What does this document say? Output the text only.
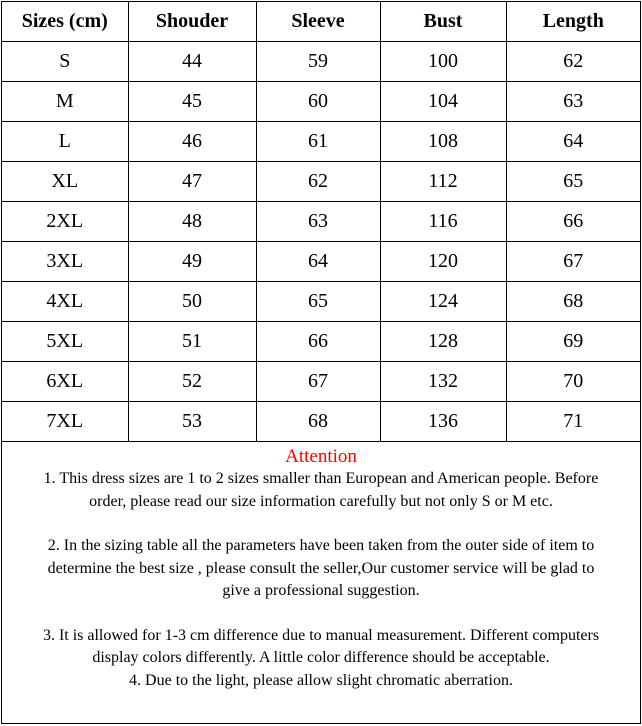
Sizes (cm)	Shouder	Sleeve	Bust	Length
S	44	59	100	62
M	45	60	104	63
L	46	61	108	64
XL	47	62	112	65
2XL	48	63	116	66
3XL	49	64	120	67
4XL	50	65	124	68
5XL	51	66	128	69
6XL	52	67	132	70
7XL	53	68	136	71
Attention

1. This dress sizes are 1 to 2 sizes smaller than European and American people. Before

order, please read our size information carefully but not only S or M etc.

2. In the sizing table all the parameters have been taken from the outer side of item to

determine the best size , please consult the seller,Our customer service will be glad to

give a professional suggestion.

3. It is allowed for 1-3 cm difference due to manual measurement. Different computers

display colors differently. A little color difference should be acceptable.

4. Due to the light, please allow slight chromatic aberration.
